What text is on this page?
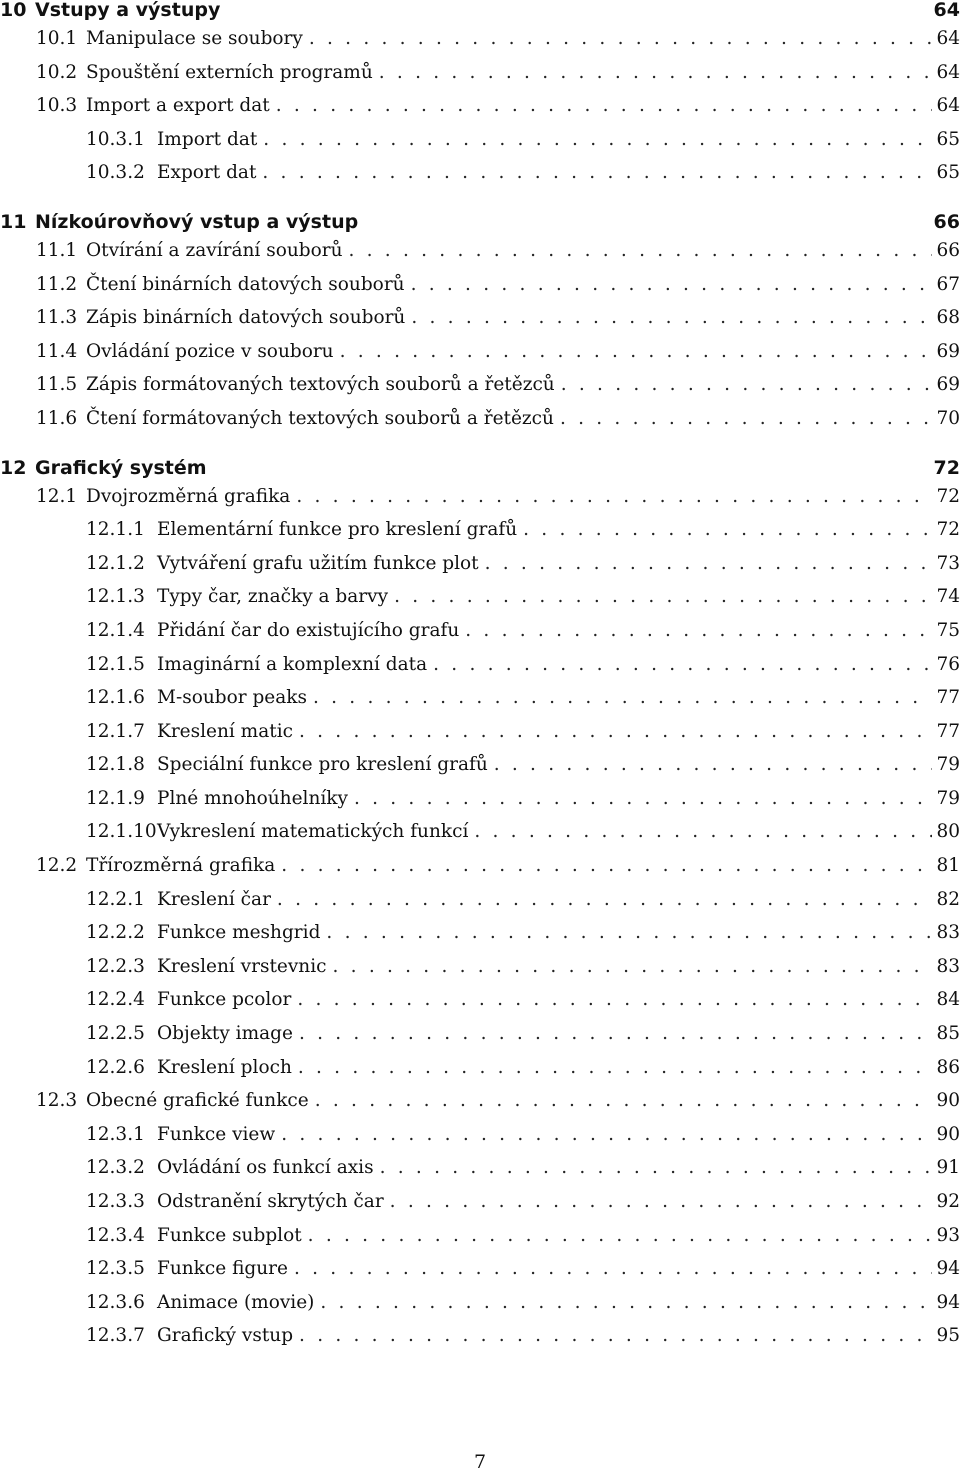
10 Vstupy a výstupy	64
10.1 Manipulace se soubory . . .	64
10.2 Spouštění externích programů . . .	64
10.3 Import a export dat . . .	64
10.3.1 Import dat . . .	65
10.3.2 Export dat . . .	65
11 Nízkoúrovňový vstup a výstup	66
11.1 Otvírání a zavírání souborů . . .	66
11.2 Čtení binárních datových souborů . . .	67
11.3 Zápis binárních datových souborů . . .	68
11.4 Ovládání pozice v souboru . . .	69
11.5 Zápis formátovaných textových souborů a řetězců . . .	69
11.6 Čtení formátovaných textových souborů a řetězců . . .	70
12 Grafický systém	72
12.1 Dvojrozměrná grafika . . .	72
12.1.1 Elementární funkce pro kreslení grafů . . .	72
12.1.2 Vytváření grafu užitím funkce plot . . .	73
12.1.3 Typy čar, značky a barvy . . .	74
12.1.4 Přidání čar do existujícího grafu . . .	75
12.1.5 Imaginární a komplexní data . . .	76
12.1.6 M-soubor peaks . . .	77
12.1.7 Kreslení matic . . .	77
12.1.8 Speciální funkce pro kreslení grafů . . .	79
12.1.9 Plné mnohoúhelníky . . .	79
12.1.10 Vykreslení matematických funkcí . . .	80
12.2 Třírozměrná grafika . . .	81
12.2.1 Kreslení čar . . .	82
12.2.2 Funkce meshgrid . . .	83
12.2.3 Kreslení vrstevnic . . .	83
12.2.4 Funkce pcolor . . .	84
12.2.5 Objekty image . . .	85
12.2.6 Kreslení ploch . . .	86
12.3 Obecné grafické funkce . . .	90
12.3.1 Funkce view . . .	90
12.3.2 Ovládání os funkcí axis . . .	91
12.3.3 Odstranění skrytých čar . . .	92
12.3.4 Funkce subplot . . .	93
12.3.5 Funkce figure . . .	94
12.3.6 Animace (movie) . . .	94
12.3.7 Grafický vstup . . .	95
7
